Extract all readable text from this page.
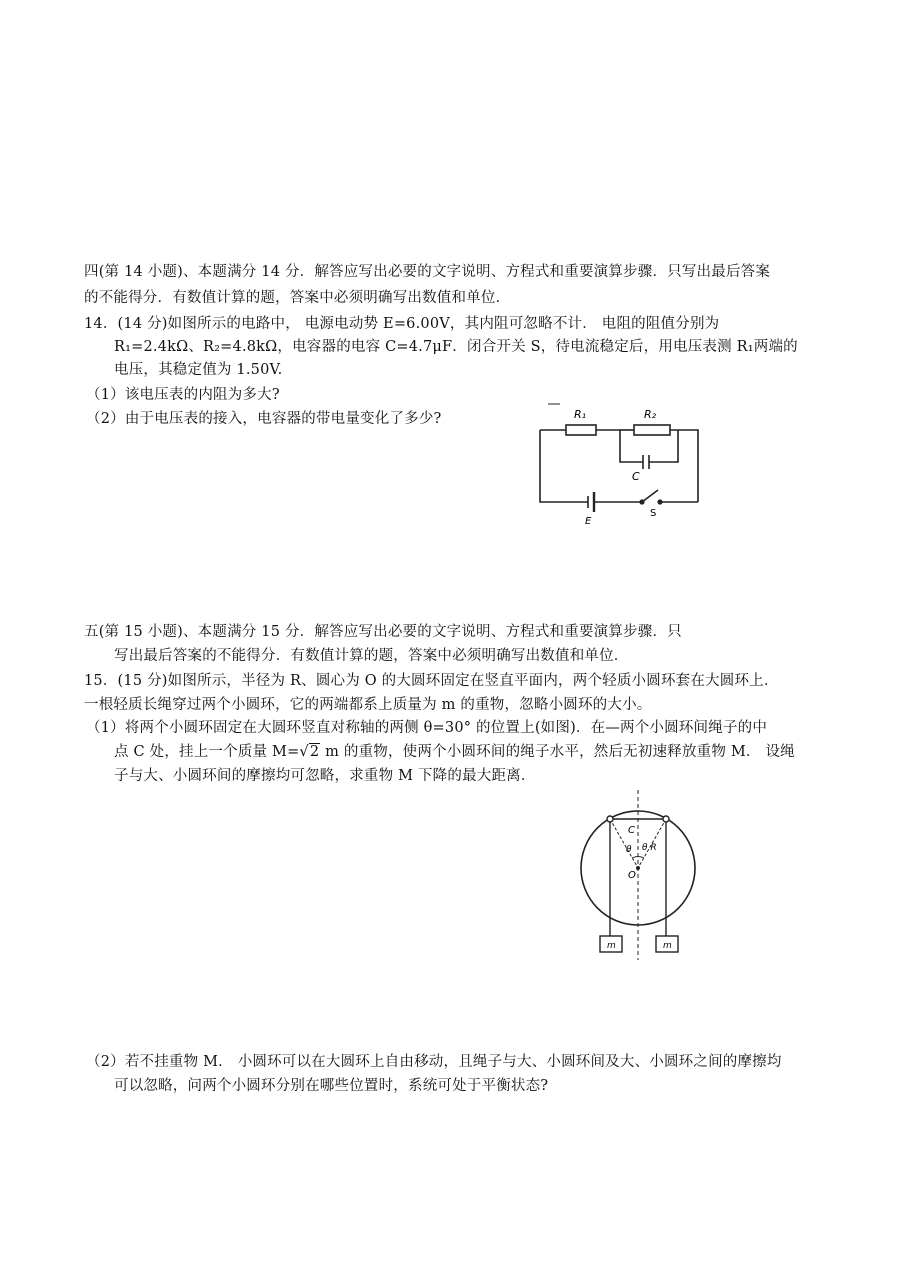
四(第 14 小题)、本题满分 14 分．解答应写出必要的文字说明、方程式和重要演算步骤．只写出最后答案
的不能得分．有数值计算的题，答案中必须明确写出数值和单位．
14．(14 分)如图所示的电路中， 电源电动势 E=6.00V，其内阻可忽略不计． 电阻的阻值分别为
R₁=2.4kΩ、R₂=4.8kΩ，电容器的电容 C=4.7μF．闭合开关 S，待电流稳定后，用电压表测 R₁两端的
电压，其稳定值为 1.50V.
（1）该电压表的内阻为多大?
（2）由于电压表的接入，电容器的带电量变化了多少?	R₁	R₂
C
E
S
五(第 15 小题)、本题满分 15 分．解答应写出必要的文字说明、方程式和重要演算步骤．只
写出最后答案的不能得分．有数值计算的题，答案中必须明确写出数值和单位．
15．(15 分)如图所示，半径为 R、圆心为 O 的大圆环固定在竖直平面内，两个轻质小圆环套在大圆环上．
一根轻质长绳穿过两个小圆环，它的两端都系上质量为 m 的重物，忽略小圆环的大小。
（1）将两个小圆环固定在大圆环竖直对称轴的两侧 θ=30° 的位置上(如图)．在—两个小圆环间绳子的中
点 C 处，挂上一个质量 M=√2 m 的重物，使两个小圆环间的绳子水平，然后无初速释放重物 M． 设绳
子与大、小圆环间的摩擦均可忽略，求重物 M 下降的最大距离．
C
θ θ R
O
m	m
（2）若不挂重物 M． 小圆环可以在大圆环上自由移动，且绳子与大、小圆环间及大、小圆环之间的摩擦均
可以忽略，问两个小圆环分别在哪些位置时，系统可处于平衡状态?
